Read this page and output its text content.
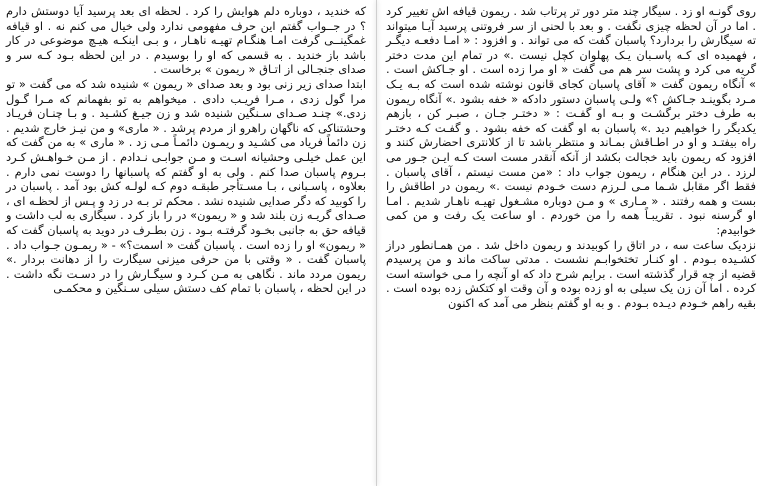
که خندید ، دوباره دلم هوایش را کرد . لحظه ای بعد پرسید آیا دوستش دارم ؟ در جــواب گفتم این حرف مفهومی ندارد ولی خیال می کنم نه . او قیافه غمگینــی گرفت امـا هنگـام تهیـه ناهـار ، و بـی اینکـه هیـچ موضوعی در کار باشد باز خندید . به قسمی که او را بوسیدم . در این لحظه بـود کـه سر و صدای جنجـالی از اتـاق « ریمون » برخاست .

ابتدا صدای زیر زنی بود و بعد صدای « ریمون » شنیده شد که می گفت « تو مرا گول زدی ، مـرا فریـب دادی . میخواهم به تو بفهمانم که مـرا گـول زدی.» چنـد صـدای سـنگین شنیده شد و زن جیـغ کشـید . و بـا چنـان فریـاد وحشتناکی که ناگهان راهرو از مردم پرشد . « ماری» و من نیـز خارج شدیم . زن دائماً فریاد می کشـید و ریمـون دائمـاً مـی زد . « ماری » به من گفت که این عمل خیلـی وحشیانه اسـت و مـن جوابـی نـدادم . از مـن خـواهـش کـرد بـروم پاسبان صدا کنم . ولی به او گفتم که پاسبانها را دوست نمی دارم . بعلاوه ، پاسـبانی ، بـا مسـتأجر طبقـه دوم کـه لولـه کش بود آمد . پاسبان در را کوبید که دگر صدایی شنیده نشد . محکم تر بـه در زد و پـس از لحظـه ای ، صـدای گریـه زن بلند شد و « ریمون» در را باز کرد . سیگاری به لب داشت و قیافه حق به جانبی بخـود گرفتـه بـود . زن بطـرف در دوید به پاسبان گفت که « ریمون» او را زده است . پاسبان گفت « اسمت؟» - « ریمـون جـواب داد . پاسبان گفت . « وقتی با من حرفی میزنی سیگارت را از دهانت بردار .» ریمون مردد ماند . نگاهی به مـن کـرد و سیگـارش را در دسـت نگه داشت . در این لحظه ، پاسبان با تمام کف دستش سیلی سـنگین و محکمـی

روی گونـه او زد . سیگار چند متر دور تر پرتاب شد . ریمون قیافه اش تغییر کرد . اما در آن لحظه چیزی نگفت . و بعد با لحنی از سر فروتنی پرسید آیـا میتواند ته سیگارش را بردارد؟ پاسبان گفت که می تواند . و افزود : « امـا دفعـه دیگـر ، فهمیده ای کـه پاسـبان یـک پهلوان کچل نیست .» در تمام این مدت دختر گریه می کرد و پشت سر هم می گفت « او مرا زده است . او جـاکش است . » آنگاه ریمون گفت « آقای پاسبان کجای قانون نوشته شده است که بـه یـک مـرد بگوینـد جـاکش ؟» ولـی پاسبان دستور دادکه « خفه بشود .» آنگاه ریمون به طرف دختر برگشـت و بـه او گفـت : « دختـر جـان ، صبـر کن ، بازهم یکدیگر را خواهیم دید .» پاسبان به او گفت که خفه بشود . و گفـت کـه دختـر راه بیفتـد و او در اطـاقش بمـاند و منتظر باشد تا از کلانتری احضارش کنند و افزود که ریمون باید خجالت بکشد از آنکه آنقدر مست است کـه ایـن جـور می لرزد . در این هنگام ، ریمون جواب داد : «من مست نیستم ، آقای پاسبان . فقط اگر مقابل شـما مـی لـرزم دست خـودم نیست .» ریمون در اطاقش را بست و همه رفتند . « مـاری » و مـن دوباره مشـغول تهیـه ناهـار شدیم . امـا او گرسنه نبود . تقریبـاً همه را من خوردم . او ساعت یک رفت و من کمی خوابیدم:

نزدیک ساعت سه ، در اتاق را کوبیدند و ریمون داخل شد . من همـانطور دراز کشـیده بـودم . او کنـار تختخوابـم نشست . مدتی ساکت ماند و من پرسیدم قضیه از چه قرار گذشته است . برایم شرح داد که او آنچه را مـی خواسته است کرده . اما آن زن یک سیلی به او زده بوده و آن وقت او کتکش زده بوده است . بقیه راهم خـودم دیـده بـودم . و به او گفتم بنظر می آمد که اکنون
